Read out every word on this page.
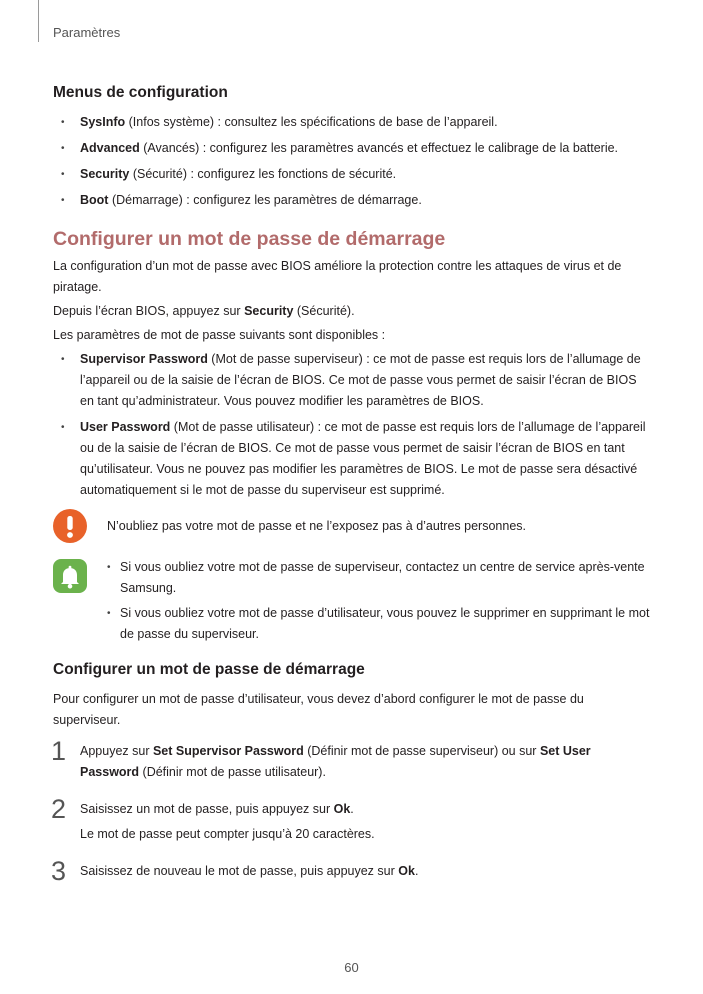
Paramètres
Menus de configuration
• SysInfo (Infos système) : consultez les spécifications de base de l’appareil.
• Advanced (Avancés) : configurez les paramètres avancés et effectuez le calibrage de la batterie.
• Security (Sécurité) : configurez les fonctions de sécurité.
• Boot (Démarrage) : configurez les paramètres de démarrage.
Configurer un mot de passe de démarrage

La configuration d’un mot de passe avec BIOS améliore la protection contre les attaques de virus et de piratage.

Depuis l’écran BIOS, appuyez sur Security (Sécurité).

Les paramètres de mot de passe suivants sont disponibles :

• Supervisor Password (Mot de passe superviseur) : ce mot de passe est requis lors de l’allumage de l’appareil ou de la saisie de l’écran de BIOS. Ce mot de passe vous permet de saisir l’écran de BIOS en tant qu’administrateur. Vous pouvez modifier les paramètres de BIOS.
• User Password (Mot de passe utilisateur) : ce mot de passe est requis lors de l’allumage de l’appareil ou de la saisie de l’écran de BIOS. Ce mot de passe vous permet de saisir l’écran de BIOS en tant qu’utilisateur. Vous ne pouvez pas modifier les paramètres de BIOS. Le mot de passe sera désactivé automatiquement si le mot de passe du superviseur est supprimé.
N’oubliez pas votre mot de passe et ne l’exposez pas à d’autres personnes.
• Si vous oubliez votre mot de passe de superviseur, contactez un centre de service après-vente Samsung.
• Si vous oubliez votre mot de passe d’utilisateur, vous pouvez le supprimer en supprimant le mot de passe du superviseur.
Configurer un mot de passe de démarrage

Pour configurer un mot de passe d’utilisateur, vous devez d’abord configurer le mot de passe du superviseur.

1 Appuyez sur Set Supervisor Password (Définir mot de passe superviseur) ou sur Set User Password (Définir mot de passe utilisateur).
2 Saisissez un mot de passe, puis appuyez sur Ok.
Le mot de passe peut compter jusqu’à 20 caractères.
3 Saisissez de nouveau le mot de passe, puis appuyez sur Ok.
60
